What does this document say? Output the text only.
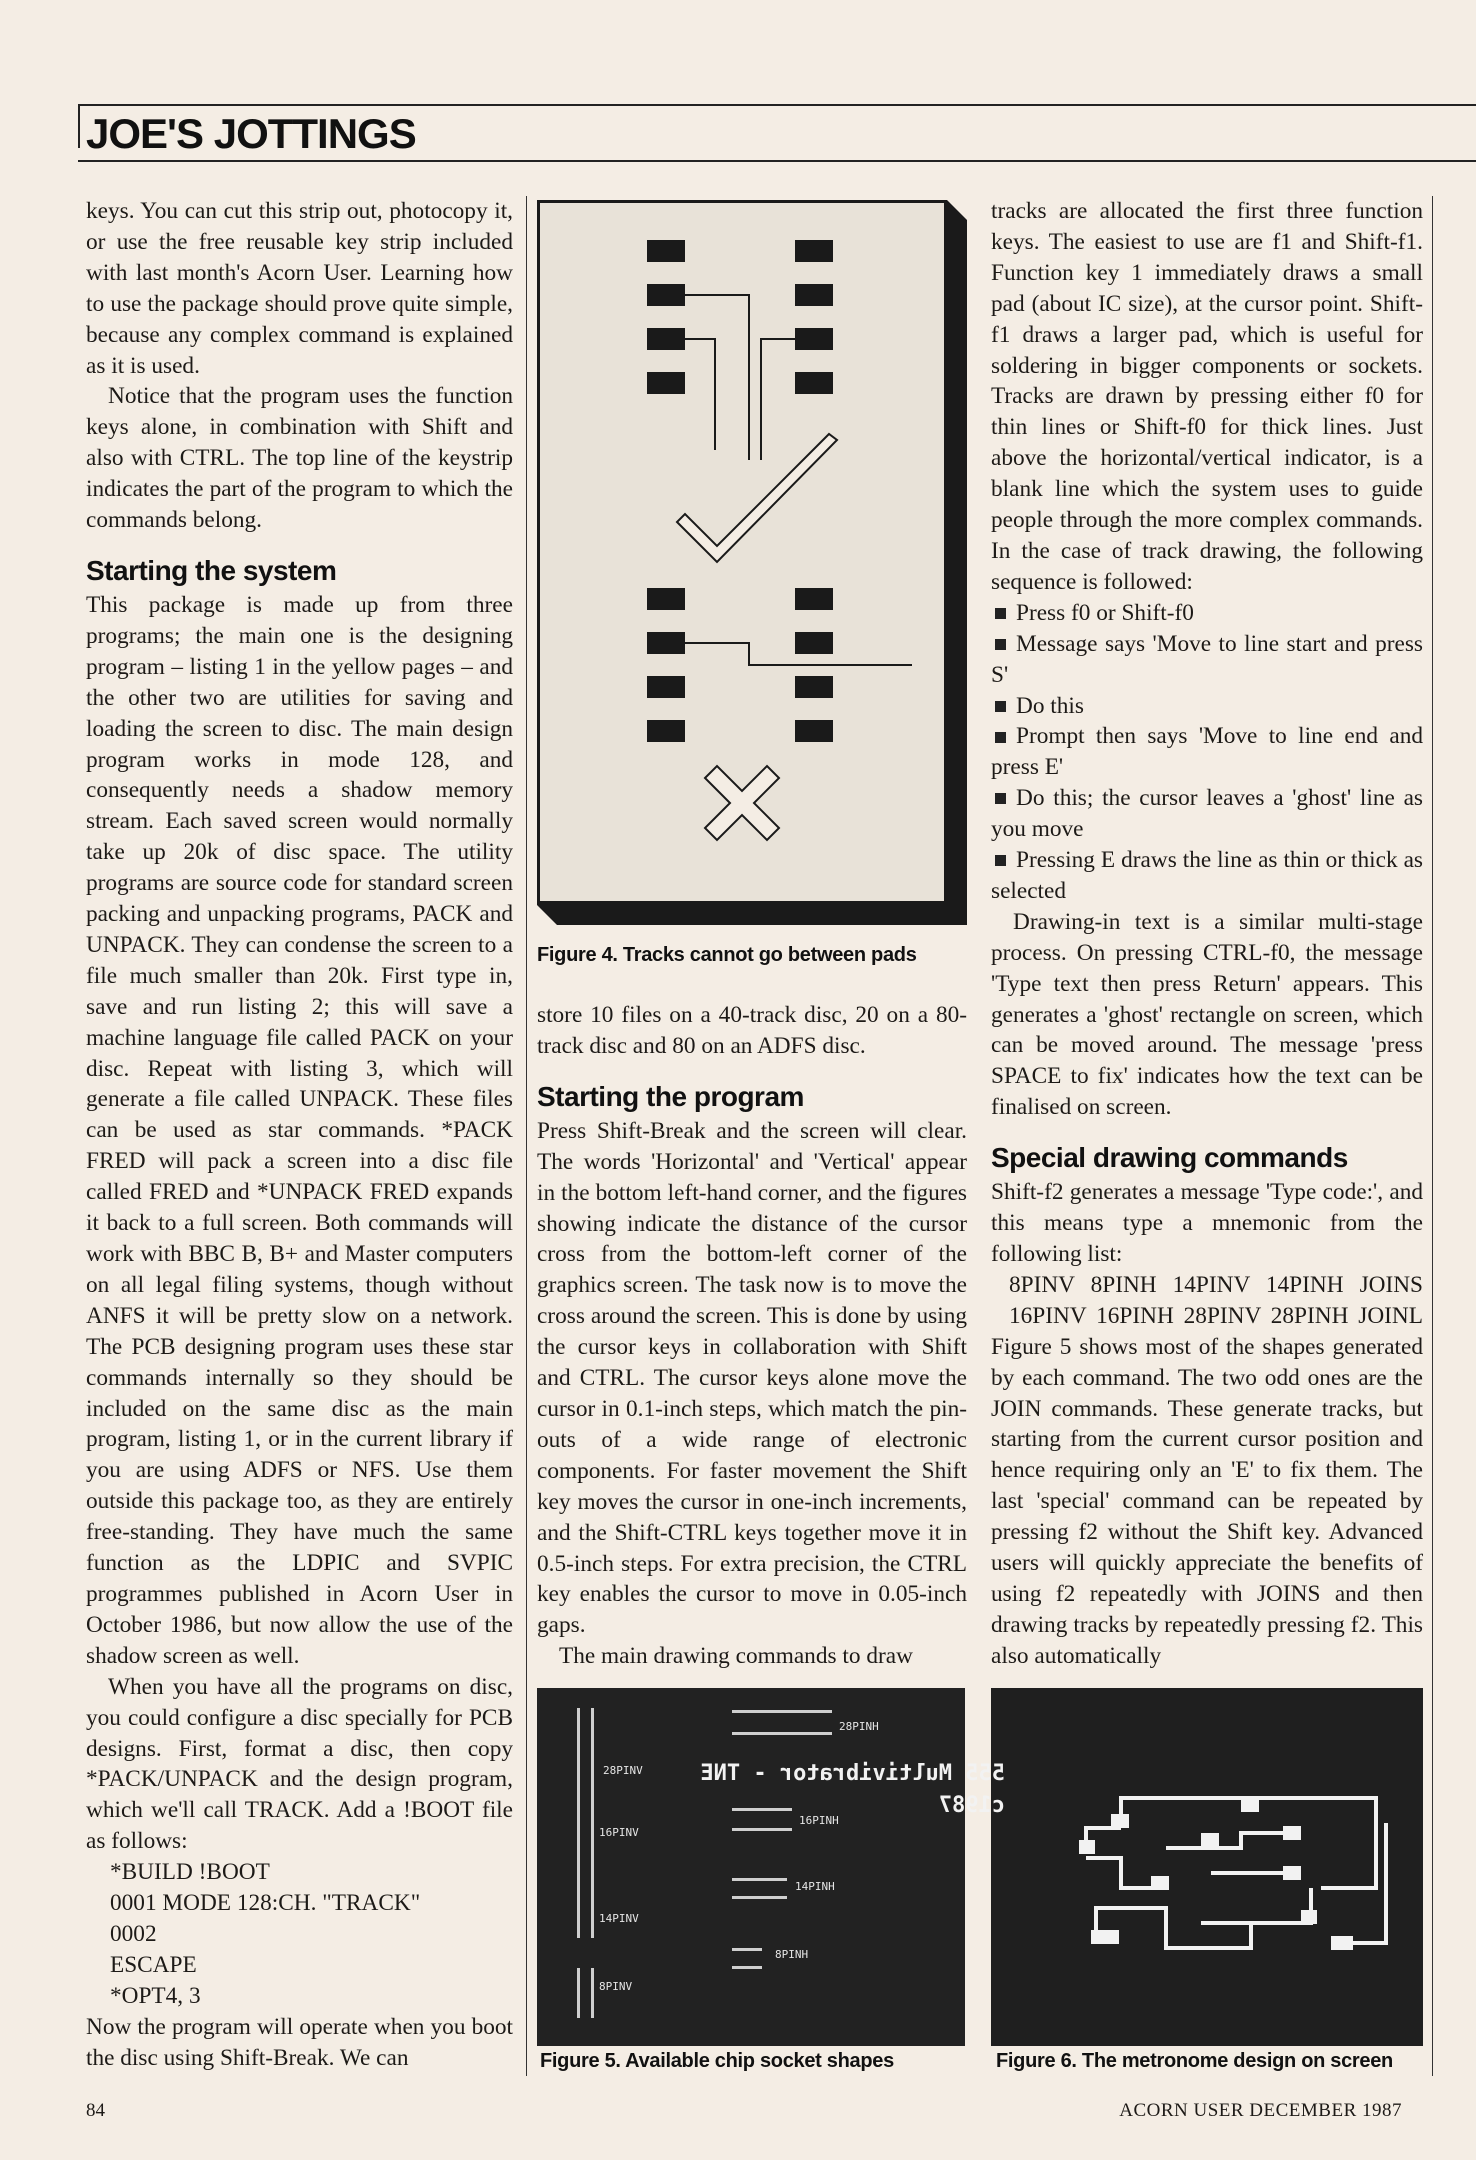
JOE'S JOTTINGS

keys. You can cut this strip out, photocopy it, or use the free reusable key strip included with last month's Acorn User. Learning how to use the package should prove quite simple, because any complex command is explained as it is used.

Notice that the program uses the function keys alone, in combination with Shift and also with CTRL. The top line of the keystrip indicates the part of the program to which the commands belong.

Starting the system

This package is made up from three programs; the main one is the designing program – listing 1 in the yellow pages – and the other two are utilities for saving and loading the screen to disc. The main design program works in mode 128, and consequently needs a shadow memory stream. Each saved screen would normally take up 20k of disc space. The utility programs are source code for standard screen packing and unpacking programs, PACK and UNPACK. They can condense the screen to a file much smaller than 20k. First type in, save and run listing 2; this will save a machine language file called PACK on your disc. Repeat with listing 3, which will generate a file called UNPACK. These files can be used as star commands. *PACK FRED will pack a screen into a disc file called FRED and *UNPACK FRED expands it back to a full screen. Both commands will work with BBC B, B+ and Master computers on all legal filing systems, though without ANFS it will be pretty slow on a network. The PCB designing program uses these star commands internally so they should be included on the same disc as the main program, listing 1, or in the current library if you are using ADFS or NFS. Use them outside this package too, as they are entirely free-standing. They have much the same function as the LDPIC and SVPIC programmes published in Acorn User in October 1986, but now allow the use of the shadow screen as well.

When you have all the programs on disc, you could configure a disc specially for PCB designs. First, format a disc, then copy *PACK/UNPACK and the design program, which we'll call TRACK. Add a !BOOT file as follows:

*BUILD !BOOT
0001 MODE 128:CH. "TRACK"
0002
ESCAPE
*OPT4, 3

Now the program will operate when you boot the disc using Shift-Break. We can

Figure 4. Tracks cannot go between pads

store 10 files on a 40-track disc, 20 on a 80-track disc and 80 on an ADFS disc.

Starting the program

Press Shift-Break and the screen will clear. The words 'Horizontal' and 'Vertical' appear in the bottom left-hand corner, and the figures showing indicate the distance of the cursor cross from the bottom-left corner of the graphics screen. The task now is to move the cross around the screen. This is done by using the cursor keys in collaboration with Shift and CTRL. The cursor keys alone move the cursor in 0.1-inch steps, which match the pin-outs of a wide range of electronic components. For faster movement the Shift key moves the cursor in one-inch increments, and the Shift-CTRL keys together move it in 0.5-inch steps. For extra precision, the CTRL key enables the cursor to move in 0.05-inch gaps.

The main drawing commands to draw

28PINH
28PINV
16PINH
16PINV
14PINH
14PINV
8PINH
8PINV
Figure 5. Available chip socket shapes

tracks are allocated the first three function keys. The easiest to use are f1 and Shift-f1. Function key 1 immediately draws a small pad (about IC size), at the cursor point. Shift-f1 draws a larger pad, which is useful for soldering in bigger components or sockets. Tracks are drawn by pressing either f0 for thin lines or Shift-f0 for thick lines. Just above the horizontal/vertical indicator, is a blank line which the system uses to guide people through the more complex commands. In the case of track drawing, the following sequence is followed:

Press f0 or Shift-f0
Message says 'Move to line start and press S'
Do this
Prompt then says 'Move to line end and press E'
Do this; the cursor leaves a 'ghost' line as you move
Pressing E draws the line as thin or thick as selected

Drawing-in text is a similar multi-stage process. On pressing CTRL-f0, the message 'Type text then press Return' appears. This generates a 'ghost' rectangle on screen, which can be moved around. The message 'press SPACE to fix' indicates how the text can be finalised on screen.

Special drawing commands

Shift-f2 generates a message 'Type code:', and this means type a mnemonic from the following list:

8PINV 8PINH 14PINV 14PINH JOINS
16PINV 16PINH 28PINV 28PINH JOINL

Figure 5 shows most of the shapes generated by each command. The two odd ones are the JOIN commands. These generate tracks, but starting from the current cursor position and hence requiring only an 'E' to fix them. The last 'special' command can be repeated by pressing f2 without the Shift key. Advanced users will quickly appreciate the benefits of using f2 repeatedly with JOINS and then drawing tracks by repeatedly pressing f2. This also automatically

555 Multivibrator - TNE
c1987
Figure 6. The metronome design on screen
84	ACORN USER DECEMBER 1987
